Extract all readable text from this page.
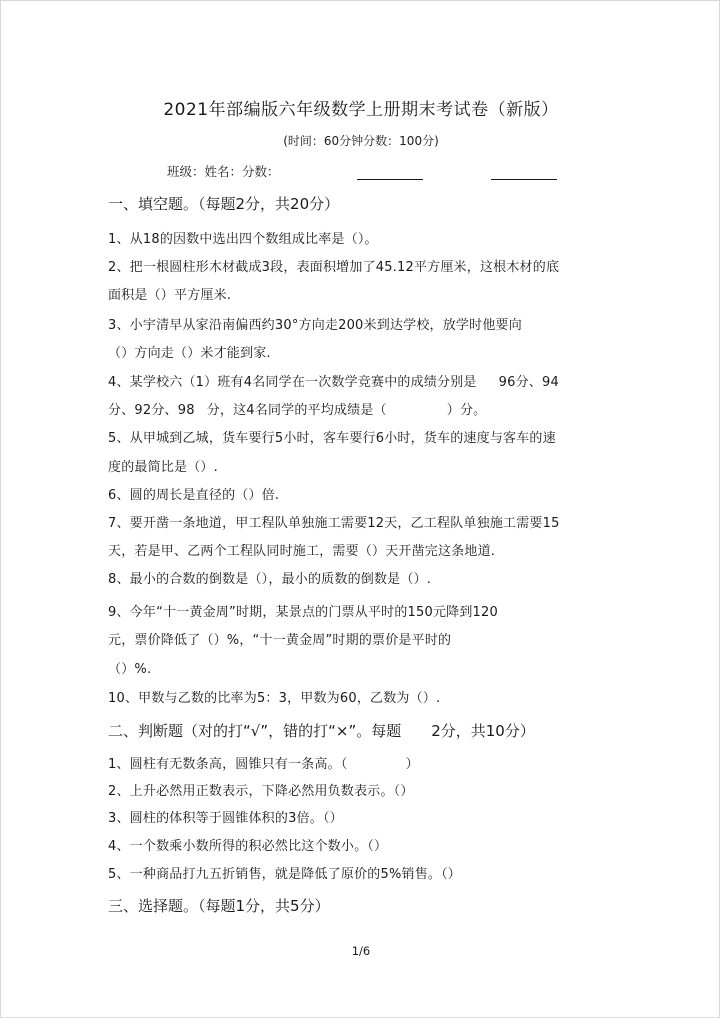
2021年部编版六年级数学上册期末考试卷（新版）
(时间：60分钟分数：100分)
班级： 姓名： 分数：
一、填空题。（每题2分，共20分）
1、从18的因数中选出四个数组成比率是（）。
2、把一根圆柱形木材截成3段，表面积增加了45.12平方厘米，这根木材的底
面积是（）平方厘米.
3、小宇清早从家沿南偏西约30°方向走200米到达学校，放学时他要向
（）方向走（）米才能到家.
4、某学校六（1）班有4名同学在一次数学竞赛中的成绩分别是 96分、94
分、92分、98 分，这4名同学的平均成绩是（	）分。
5、从甲城到乙城，货车要行5小时，客车要行6小时，货车的速度与客车的速
度的最简比是（）.
6、圆的周长是直径的（）倍.
7、要开凿一条地道，甲工程队单独施工需要12天，乙工程队单独施工需要15
天，若是甲、乙两个工程队同时施工，需要（）天开凿完这条地道.
8、最小的合数的倒数是（），最小的质数的倒数是（）.
9、今年“十一黄金周”时期，某景点的门票从平时的150元降到120
元，票价降低了（）%，“十一黄金周”时期的票价是平时的
（）%.
10、甲数与乙数的比率为5：3，甲数为60，乙数为（）.
二、判断题（对的打“√”，错的打“×”。每题 2分，共10分）
1、圆柱有无数条高，圆锥只有一条高。（	）
2、上升必然用正数表示，下降必然用负数表示。（）
3、圆柱的体积等于圆锥体积的3倍。（）
4、一个数乘小数所得的积必然比这个数小。（）
5、一种商品打九五折销售，就是降低了原价的5%销售。（）
三、选择题。（每题1分，共5分）
1/6
